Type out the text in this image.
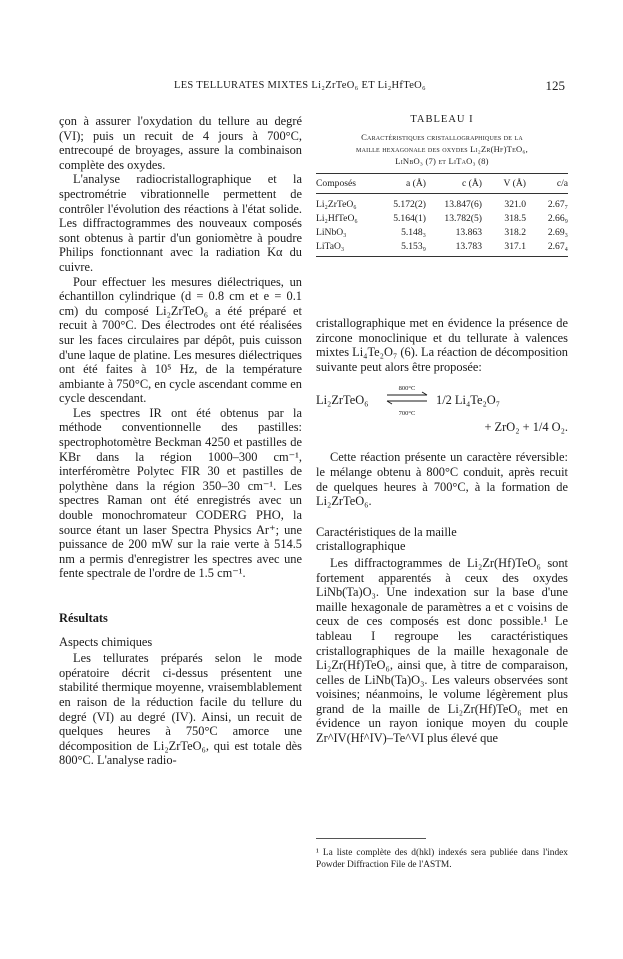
LES TELLURATES MIXTES Li₂ZrTeO₆ ET Li₂HfTeO₆	125

çon à assurer l'oxydation du tellure au degré (VI); puis un recuit de 4 jours à 700°C, entrecoupé de broyages, assure la combinaison complète des oxydes.

L'analyse radiocristallographique et la spectrométrie vibrationnelle permettent de contrôler l'évolution des réactions à l'état solide. Les diffractogrammes des nouveaux composés sont obtenus à partir d'un goniomètre à poudre Philips fonctionnant avec la radiation Kα du cuivre.

Pour effectuer les mesures diélectriques, un échantillon cylindrique (d = 0.8 cm et e = 0.1 cm) du composé Li₂ZrTeO₆ a été préparé et recuit à 700°C. Des électrodes ont été réalisées sur les faces circulaires par dépôt, puis cuisson d'une laque de platine. Les mesures diélectriques ont été faites à 10⁵ Hz, de la température ambiante à 750°C, en cycle ascendant comme en cycle descendant.

Les spectres IR ont été obtenus par la méthode conventionnelle des pastilles: spectrophotomètre Beckman 4250 et pastilles de KBr dans la région 1000–300 cm⁻¹, interféromètre Polytec FIR 30 et pastilles de polythène dans la région 350–30 cm⁻¹. Les spectres Raman ont été enregistrés avec un double monochromateur CODERG PHO, la source étant un laser Spectra Physics Ar⁺; une puissance de 200 mW sur la raie verte à 514.5 nm a permis d'enregistrer les spectres avec une fente spectrale de l'ordre de 1.5 cm⁻¹.

Résultats

Aspects chimiques

Les tellurates préparés selon le mode opératoire décrit ci-dessus présentent une stabilité thermique moyenne, vraisemblablement en raison de la réduction facile du tellure du degré (VI) au degré (IV). Ainsi, un recuit de quelques heures à 750°C amorce une décomposition de Li₂ZrTeO₆, qui est totale dès 800°C. L'analyse radio-

TABLEAU I
Caractéristiques cristallographiques de la
maille hexagonale des oxydes Li₂Zr(Hf)TeO₆,
LiNbO₃ (7) et LiTaO₃ (8)
Composés	a (Å)	c (Å)	V (Å)	c/a
Li₂ZrTeO₆	5.172(2)	13.847(6)	321.0	2.67₇
Li₂HfTeO₆	5.164(1)	13.782(5)	318.5	2.66₉
LiNbO₃	5.148₃	13.863	318.2	2.69₃
LiTaO₃	5.153₉	13.783	317.1	2.67₄

cristallographique met en évidence la présence de zircone monoclinique et du tellurate à valences mixtes Li₄Te₂O₇ (6). La réaction de décomposition suivante peut alors être proposée:

Li₂ZrTeO₆
800°C
700°C
1/2 Li₄Te₂O₇
+ ZrO₂ + 1/4 O₂.

Cette réaction présente un caractère réversible: le mélange obtenu à 800°C conduit, après recuit de quelques heures à 700°C, à la formation de Li₂ZrTeO₆.

Caractéristiques de la maille
cristallographique

Les diffractogrammes de Li₂Zr(Hf)TeO₆ sont fortement apparentés à ceux des oxydes LiNb(Ta)O₃. Une indexation sur la base d'une maille hexagonale de paramètres a et c voisins de ceux de ces composés est donc possible.¹ Le tableau I regroupe les caractéristiques cristallographiques de la maille hexagonale de Li₂Zr(Hf)TeO₆, ainsi que, à titre de comparaison, celles de LiNb(Ta)O₃. Les valeurs observées sont voisines; néanmoins, le volume légèrement plus grand de la maille de Li₂Zr(Hf)TeO₆ met en évidence un rayon ionique moyen du couple Zr^IV(Hf^IV)–Te^VI plus élevé que

¹ La liste complète des d(hkl) indexés sera publiée dans l'index Powder Diffraction File de l'ASTM.
